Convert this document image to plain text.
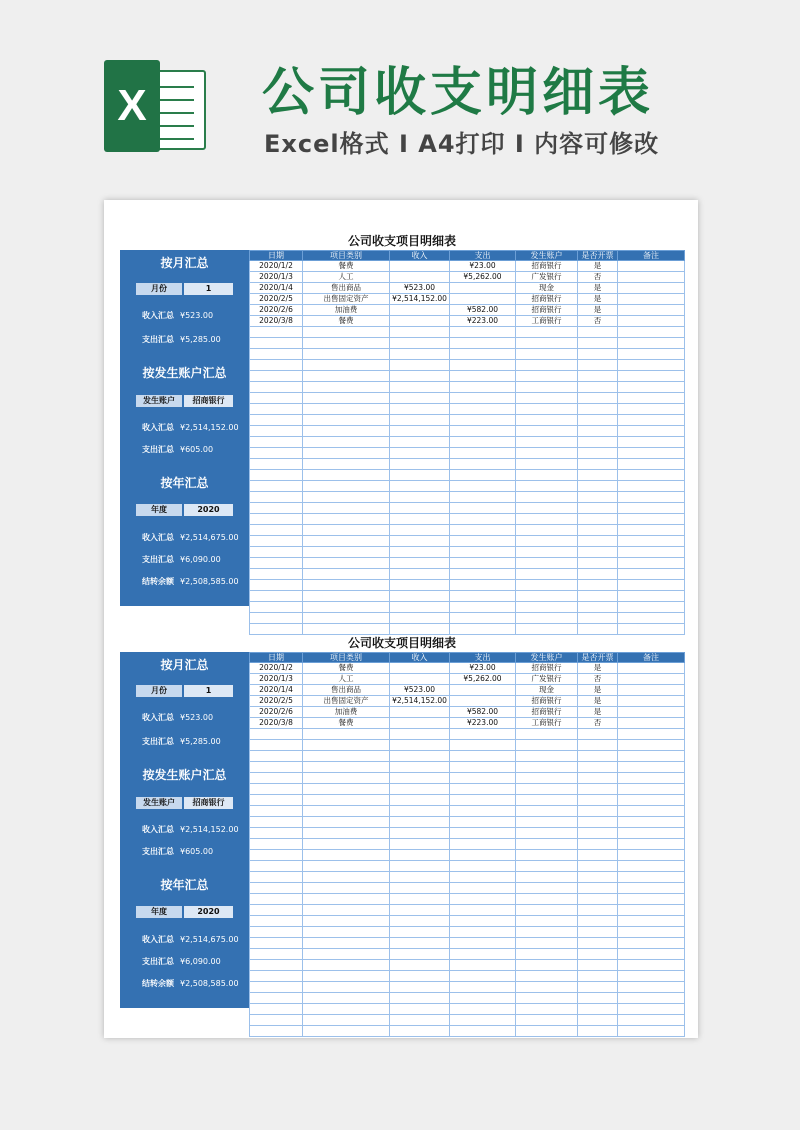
X 公司收支明细表
Excel格式 I A4打印 I 内容可修改
公司收支项目明细表
按月汇总
月份	1
收入汇总 ¥523.00
支出汇总 ¥5,285.00
按发生账户汇总
发生账户	招商银行
收入汇总 ¥2,514,152.00
支出汇总 ¥605.00
按年汇总
年度	2020
收入汇总 ¥2,514,675.00
支出汇总 ¥6,090.00
结转余额 ¥2,508,585.00
日期	项目类别	收入	支出	发生账户	是否开票	备注
2020/1/2	餐费		¥23.00	招商银行	是	
2020/1/3	人工		¥5,262.00	广发银行	否	
2020/1/4	售出商品	¥523.00		现金	是	
2020/2/5	出售固定资产	¥2,514,152.00		招商银行	是	
2020/2/6	加油费		¥582.00	招商银行	是	
2020/3/8	餐费		¥223.00	工商银行	否	

公司收支项目明细表
按月汇总
月份	1
收入汇总 ¥523.00
支出汇总 ¥5,285.00
按发生账户汇总
发生账户	招商银行
收入汇总 ¥2,514,152.00
支出汇总 ¥605.00
按年汇总
年度	2020
收入汇总 ¥2,514,675.00
支出汇总 ¥6,090.00
结转余额 ¥2,508,585.00
日期	项目类别	收入	支出	发生账户	是否开票	备注
2020/1/2	餐费		¥23.00	招商银行	是	
2020/1/3	人工		¥5,262.00	广发银行	否	
2020/1/4	售出商品	¥523.00		现金	是	
2020/2/5	出售固定资产	¥2,514,152.00		招商银行	是	
2020/2/6	加油费		¥582.00	招商银行	是	
2020/3/8	餐费		¥223.00	工商银行	否	
